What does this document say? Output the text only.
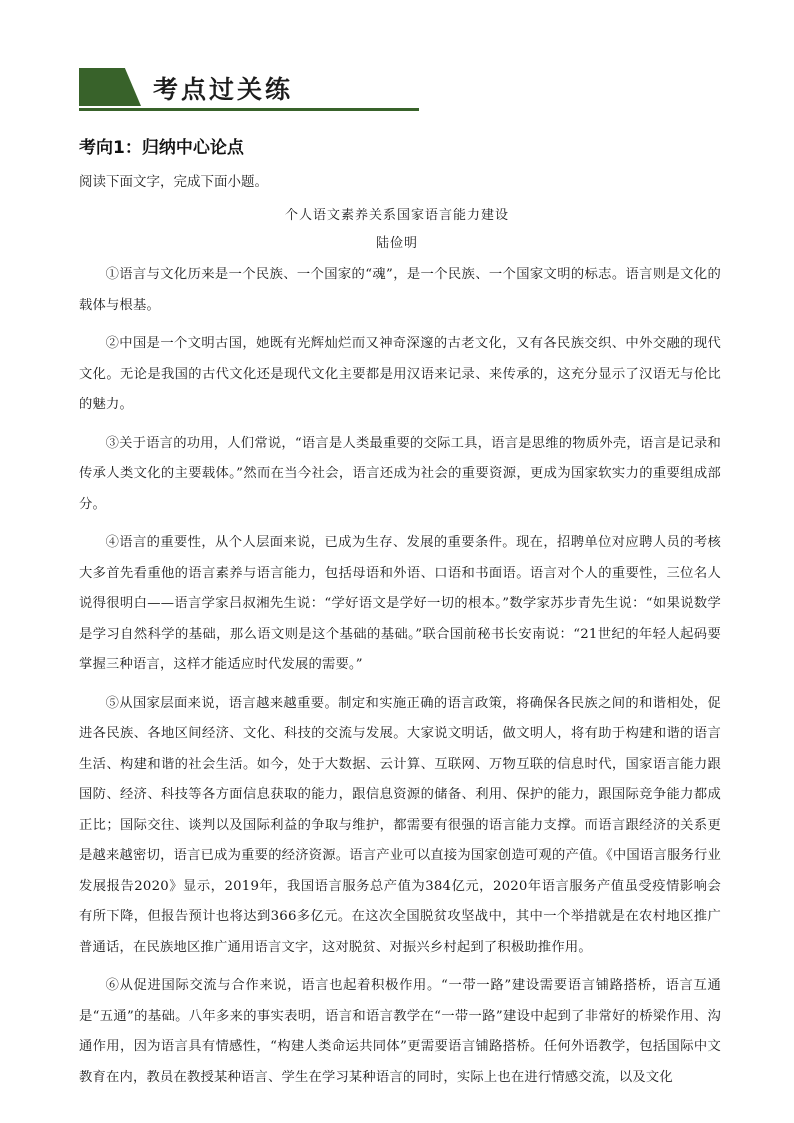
考点过关练
考向1：归纳中心论点
阅读下面文字，完成下面小题。
个人语文素养关系国家语言能力建设
陆俭明

①语言与文化历来是一个民族、一个国家的“魂”，是一个民族、一个国家文明的标志。语言则是文化的载体与根基。

②中国是一个文明古国，她既有光辉灿烂而又神奇深邃的古老文化，又有各民族交织、中外交融的现代文化。无论是我国的古代文化还是现代文化主要都是用汉语来记录、来传承的，这充分显示了汉语无与伦比的魅力。

③关于语言的功用，人们常说，“语言是人类最重要的交际工具，语言是思维的物质外壳，语言是记录和传承人类文化的主要载体。”然而在当今社会，语言还成为社会的重要资源，更成为国家软实力的重要组成部分。

④语言的重要性，从个人层面来说，已成为生存、发展的重要条件。现在，招聘单位对应聘人员的考核大多首先看重他的语言素养与语言能力，包括母语和外语、口语和书面语。语言对个人的重要性，三位名人说得很明白——语言学家吕叔湘先生说：“学好语文是学好一切的根本。”数学家苏步青先生说：“如果说数学是学习自然科学的基础，那么语文则是这个基础的基础。”联合国前秘书长安南说：“21世纪的年轻人起码要掌握三种语言，这样才能适应时代发展的需要。”

⑤从国家层面来说，语言越来越重要。制定和实施正确的语言政策，将确保各民族之间的和谐相处，促进各民族、各地区间经济、文化、科技的交流与发展。大家说文明话，做文明人，将有助于构建和谐的语言生活、构建和谐的社会生活。如今，处于大数据、云计算、互联网、万物互联的信息时代，国家语言能力跟国防、经济、科技等各方面信息获取的能力，跟信息资源的储备、利用、保护的能力，跟国际竞争能力都成正比；国际交往、谈判以及国际利益的争取与维护，都需要有很强的语言能力支撑。而语言跟经济的关系更是越来越密切，语言已成为重要的经济资源。语言产业可以直接为国家创造可观的产值。《中国语言服务行业发展报告2020》显示，2019年，我国语言服务总产值为384亿元，2020年语言服务产值虽受疫情影响会有所下降，但报告预计也将达到366多亿元。在这次全国脱贫攻坚战中，其中一个举措就是在农村地区推广普通话，在民族地区推广通用语言文字，这对脱贫、对振兴乡村起到了积极助推作用。

⑥从促进国际交流与合作来说，语言也起着积极作用。“一带一路”建设需要语言铺路搭桥，语言互通是“五通”的基础。八年多来的事实表明，语言和语言教学在“一带一路”建设中起到了非常好的桥梁作用、沟通作用，因为语言具有情感性，“构建人类命运共同体”更需要语言铺路搭桥。任何外语教学，包括国际中文教育在内，教员在教授某种语言、学生在学习某种语言的同时，实际上也在进行情感交流，以及文化
